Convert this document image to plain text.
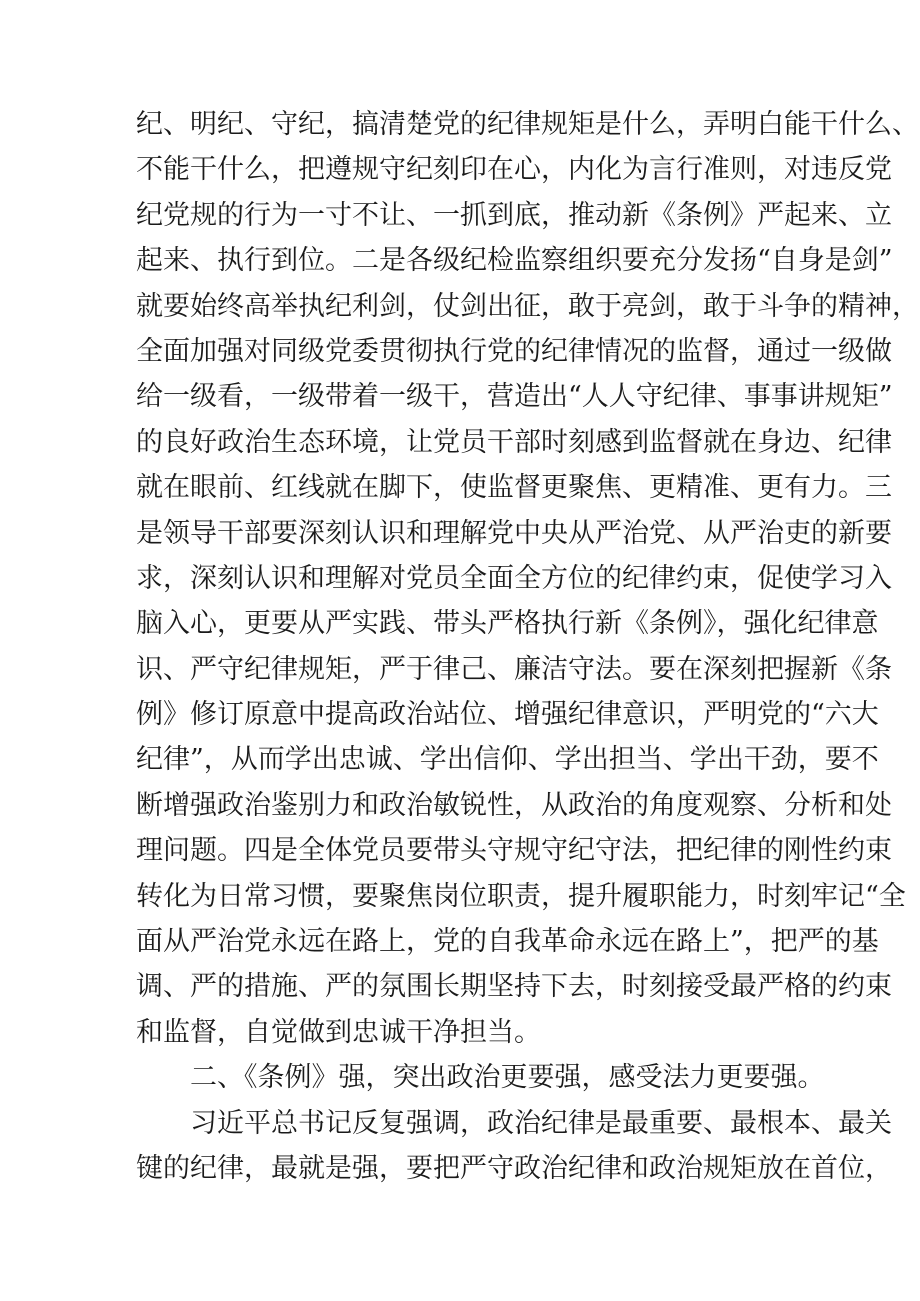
纪、明纪、守纪，搞清楚党的纪律规矩是什么，弄明白能干什么、
不能干什么，把遵规守纪刻印在心，内化为言行准则，对违反党
纪党规的行为一寸不让、一抓到底，推动新《条例》严起来、立
起来、执行到位。二是各级纪检监察组织要充分发扬“自身是剑”
就要始终高举执纪利剑，仗剑出征，敢于亮剑，敢于斗争的精神，
全面加强对同级党委贯彻执行党的纪律情况的监督，通过一级做
给一级看，一级带着一级干，营造出“人人守纪律、事事讲规矩”
的良好政治生态环境，让党员干部时刻感到监督就在身边、纪律
就在眼前、红线就在脚下，使监督更聚焦、更精准、更有力。三
是领导干部要深刻认识和理解党中央从严治党、从严治吏的新要
求，深刻认识和理解对党员全面全方位的纪律约束，促使学习入
脑入心，更要从严实践、带头严格执行新《条例》，强化纪律意
识、严守纪律规矩，严于律己、廉洁守法。要在深刻把握新《条
例》修订原意中提高政治站位、增强纪律意识，严明党的“六大
纪律”，从而学出忠诚、学出信仰、学出担当、学出干劲，要不
断增强政治鉴别力和政治敏锐性，从政治的角度观察、分析和处
理问题。四是全体党员要带头守规守纪守法，把纪律的刚性约束
转化为日常习惯，要聚焦岗位职责，提升履职能力，时刻牢记“全
面从严治党永远在路上，党的自我革命永远在路上”，把严的基
调、严的措施、严的氛围长期坚持下去，时刻接受最严格的约束
和监督，自觉做到忠诚干净担当。
二、《条例》强，突出政治更要强，感受法力更要强。
习近平总书记反复强调，政治纪律是最重要、最根本、最关
键的纪律，最就是强，要把严守政治纪律和政治规矩放在首位，
